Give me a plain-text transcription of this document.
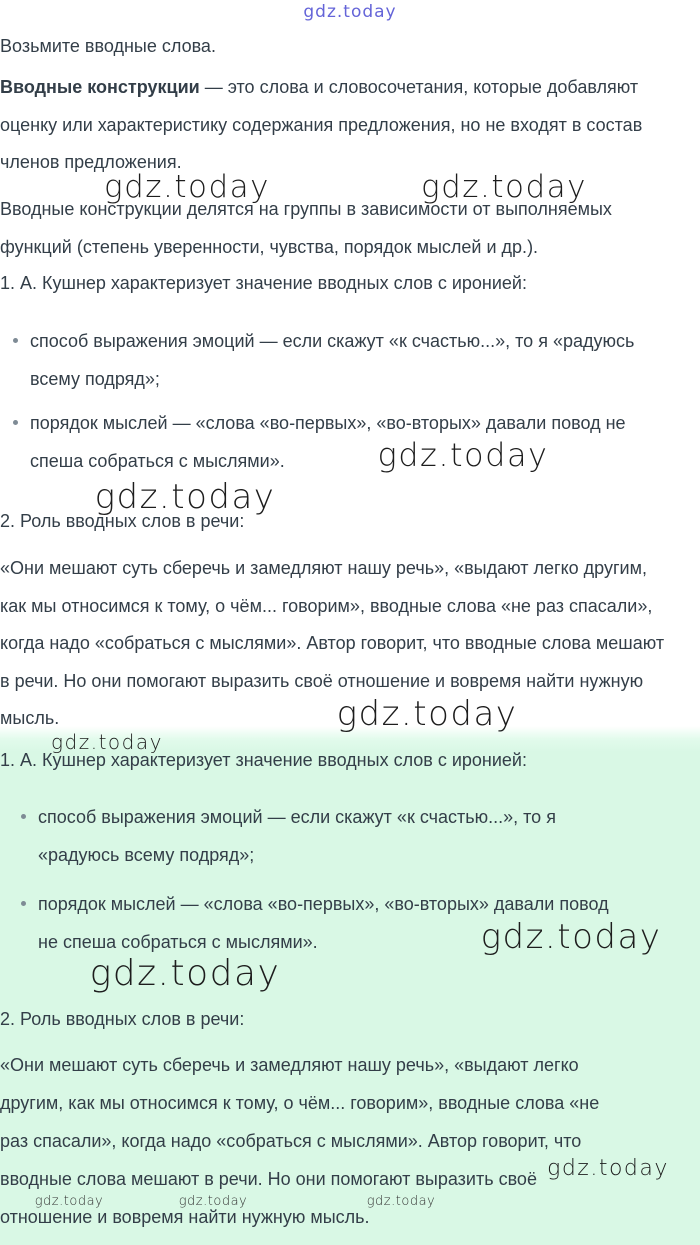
Возьмите вводные слова.
Вводные конструкции — это слова и словосочетания, которые добавляют
оценку или характеристику содержания предложения, но не входят в состав
членов предложения.
Вводные конструкции делятся на группы в зависимости от выполняемых
функций (степень уверенности, чувства, порядок мыслей и др.).
1. А. Кушнер характеризует значение вводных слов с иронией:
способ выражения эмоций — если скажут «к счастью...», то я «радуюсь
всему подряд»;
порядок мыслей — «слова «во-первых», «во-вторых» давали повод не
спеша собраться с мыслями».
2. Роль вводных слов в речи:
«Они мешают суть сберечь и замедляют нашу речь», «выдают легко другим,
как мы относимся к тому, о чём... говорим», вводные слова «не раз спасали»,
когда надо «собраться с мыслями». Автор говорит, что вводные слова мешают
в речи. Но они помогают выразить своё отношение и вовремя найти нужную
мысль.
1. А. Кушнер характеризует значение вводных слов с иронией:
способ выражения эмоций — если скажут «к счастью...», то я
«радуюсь всему подряд»;
порядок мыслей — «слова «во-первых», «во-вторых» давали повод
не спеша собраться с мыслями».
2. Роль вводных слов в речи:
«Они мешают суть сберечь и замедляют нашу речь», «выдают легко
другим, как мы отнoсимся к тому, о чём... говорим», вводные слова «не
раз спасали», когда надо «собраться с мыслями». Автор говорит, что
вводные слова мешают в речи. Но они помогают выразить своё
отношение и вовремя найти нужную мысль.
gdz.today
gdz.today	gdz.today
gdz.today
gdz.today
gdz.today
gdz.today
gdz.today
gdz.today
gdz.today
gdz.today	gdz.today	gdz.today
